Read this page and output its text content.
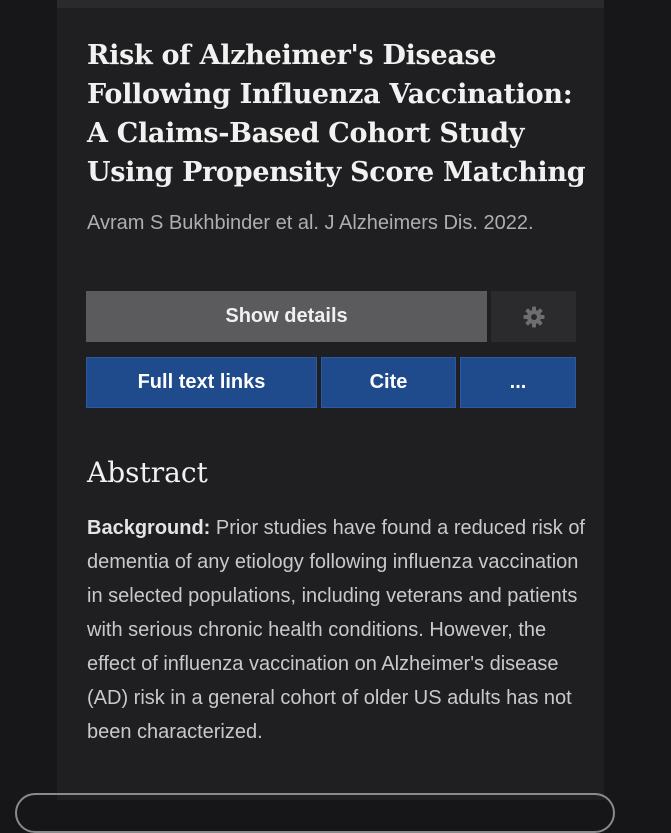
Risk of Alzheimer's Disease Following Influenza Vaccination: A Claims-Based Cohort Study Using Propensity Score Matching
Avram S Bukhbinder et al. J Alzheimers Dis. 2022.
Show details
Full text links	Cite	...
Abstract

Background: Prior studies have found a reduced risk of dementia of any etiology following influenza vaccination in selected populations, including veterans and patients with serious chronic health conditions. However, the effect of influenza vaccination on Alzheimer's disease (AD) risk in a general cohort of older US adults has not been characterized.
